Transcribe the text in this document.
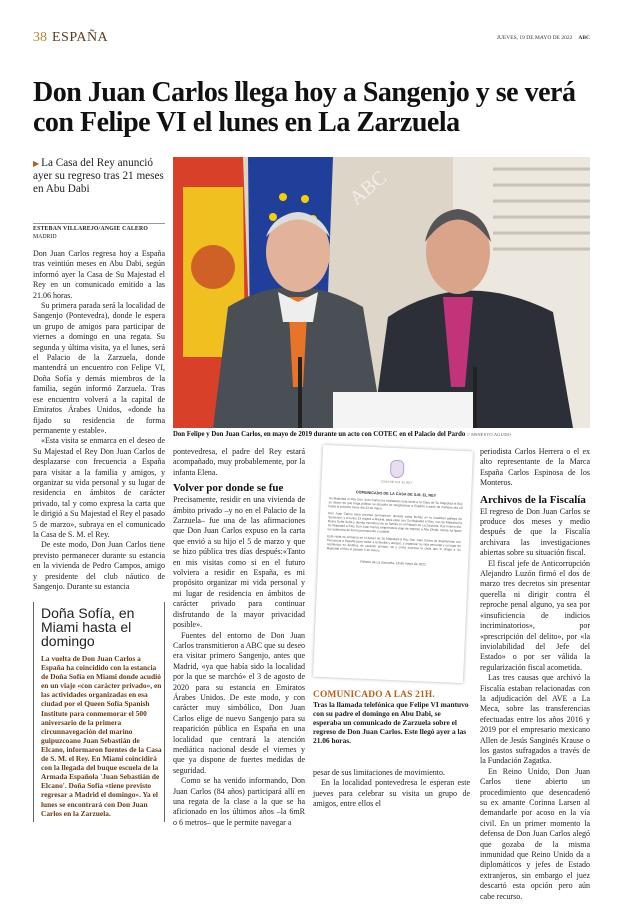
38 ESPAÑA	JUEVES, 19 DE MAYO DE 2022 ABC
Don Juan Carlos llega hoy a Sangenjo y se verá con Felipe VI el lunes en La Zarzuela
▶ La Casa del Rey anunció ayer su regreso tras 21 meses en Abu Dabi
ESTEBAN VILLAREJO/ANGIE CALERO
MADRID

Don Juan Carlos regresa hoy a España tras veintiún meses en Abu Dabi, según informó ayer la Casa de Su Majestad el Rey en un comunicado emitido a las 21.06 horas.

Su primera parada será la localidad de Sangenjo (Pontevedra), donde le espera un grupo de amigos para participar de viernes a domingo en una regata. Su segunda y última visita, ya el lunes, será el Palacio de la Zarzuela, donde mantendrá un encuentro con Felipe VI, Doña Sofía y demás miembros de la familia, según informó Zarzuela. Tras ese encuentro volverá a la capital de Emiratos Árabes Unidos, «donde ha fijado su residencia de forma permanente y estable».

«Esta visita se enmarca en el deseo de Su Majestad el Rey Don Juan Carlos de desplazarse con frecuencia a España para visitar a la familia y amigos, y organizar su vida personal y su lugar de residencia en ámbitos de carácter privado, tal y como expresa la carta que le dirigió a Su Majestad el Rey el pasado 5 de marzo», subraya en el comunicado la Casa de S. M. el Rey.

De este modo, Don Juan Carlos tiene previsto permanecer durante su estancia en la vivienda de Pedro Campos, amigo y presidente del club náutico de Sangenjo. Durante su estancia

Doña Sofía, en Miami hasta el domingo
La vuelta de Don Juan Carlos a España ha coincidido con la estancia de Doña Sofía en Miami donde acudió en un viaje «con carácter privado», en las actividades organizadas en esa ciudad por el Queen Sofía Spanish Institute para conmemorar el 500 aniversario de la primera circunnavegación del marino guipuzcoano Juan Sebastián de Elcano, informaron fuentes de la Casa de S. M. el Rey. En Miami coincidirá con la llegada del buque escuela de la Armada Española 'Juan Sebastián de Elcano'. Doña Sofía «tiene previsto regresar a Madrid el domingo». Ya el lunes se encontrará con Don Juan Carlos en la Zarzuela.
ABC
Don Felipe y Don Juan Carlos, en mayo de 2019 durante un acto con COTEC en el Palacio del Pardo // ERNESTO AGUDO

pontevedresa, el padre del Rey estará acompañado, muy probablemente, por la infanta Elena.

Volver por donde se fue

Precisamente, residir en una vivienda de ámbito privado –y no en el Palacio de la Zarzuela– fue una de las afirmaciones que Don Juan Carlos expuso en la carta que envió a su hijo el 5 de marzo y que se hizo pública tres días después:«Tanto en mis visitas como si en el futuro volviera a residir en España, es mi propósito organizar mi vida personal y mi lugar de residencia en ámbitos de carácter privado para continuar disfrutando de la mayor privacidad posible».

Fuentes del entorno de Don Juan Carlos transmitieron a ABC que su deseo era visitar primero Sangenjo, antes que Madrid, «ya que había sido la localidad por la que se marchó» el 3 de agosto de 2020 para su estancia en Emiratos Árabes Unidos. De este modo, y con carácter muy simbólico, Don Juan Carlos elige de nuevo Sangenjo para su reaparición pública en España en una localidad que centrará la atención mediática nacional desde el viernes y que ya dispone de fuertes medidas de seguridad.

Como se ha venido informando, Don Juan Carlos (84 años) participará allí en una regata de la clase a la que se ha aficionado en los últimos años –la 6mR o 6 metros– que le permite navegar a

CASA DE S.M. EL REY
COMUNICADO DE LA CASA DE S.M. EL REY

Su Majestad el Rey Don Juan Carlos ha trasladado esta tarde a la Casa de Su Majestad el Rey su deseo de que haga público su decisión de desplazarse a España a partir de mañana día 19 hasta el próximo lunes día 23 de mayo.

Don Juan Carlos tiene previsto permanecer durante estas fechas en la localidad gallega de Sanxenxo, y el lunes 23 viajará a Madrid, para estar con Su Majestad el Rey, con Su Majestad la Reina Doña Sofía y demás miembros de su familia en el Palacio de La Zarzuela. Ese mismo día, Su Majestad el Rey Don Juan Carlos emprenderá viaje de regreso a Abu Dhabi, donde ha fijado su residencia de forma permanente y estable.

Esta visita se enmarca en el deseo de Su Majestad el Rey Don Juan Carlos de desplazarse con frecuencia a España para visitar a la familia y amigos, y organizar su vida personal y su lugar de residencia en ámbitos de carácter privado, tal y como expresa la carta que le dirigió a Su Majestad el Rey el pasado 5 de marzo.

Palacio de La Zarzuela, 18 de mayo de 2022
COMUNICADO A LAS 21H.
Tras la llamada telefónica que Felipe VI mantuvo con su padre el domingo en Abu Dabi, se esperaba un comunicado de Zarzuela sobre el regreso de Don Juan Carlos. Este llegó ayer a las 21.06 horas.

pesar de sus limitaciones de movimiento.

En la localidad pontevedresa le esperan este jueves para celebrar su visita un grupo de amigos, entre ellos el

periodista Carlos Herrera o el ex alto representante de la Marca España Carlos Espinosa de los Monteros.

Archivos de la Fiscalía

El regreso de Don Juan Carlos se produce dos meses y medio después de que la Fiscalía archivara las investigaciones abiertas sobre su situación fiscal.

El fiscal jefe de Anticorrupción Alejandro Luzón firmó el dos de marzo tres decretos sin presentar querella ni dirigir contra él reproche penal alguno, ya sea por «insuficiencia de indicios incriminatorios», por «prescripción del delito», por «la inviolabilidad del Jefe del Estado» o por ser válida la regularización fiscal acometida.

Las tres causas que archivó la Fiscalía estaban relacionadas con la adjudicación del AVE a La Meca, sobre las transferencias efectuadas entre los años 2016 y 2019 por el empresario mexicano Allen de Jesús Sanginés Krause o los gastos sufragados a través de la Fundación Zagatka.

En Reino Unido, Don Juan Carlos tiene abierto un procedimiento que desencadenó su ex amante Corinna Larsen al demandarle por acoso en la vía civil. En un primer momento la defensa de Don Juan Carlos alegó que gozaba de la misma inmunidad que Reino Unido da a diplomáticos y jefes de Estado extranjeros, sin embargo el juez descartó esta opción pero aún cabe recurso.
